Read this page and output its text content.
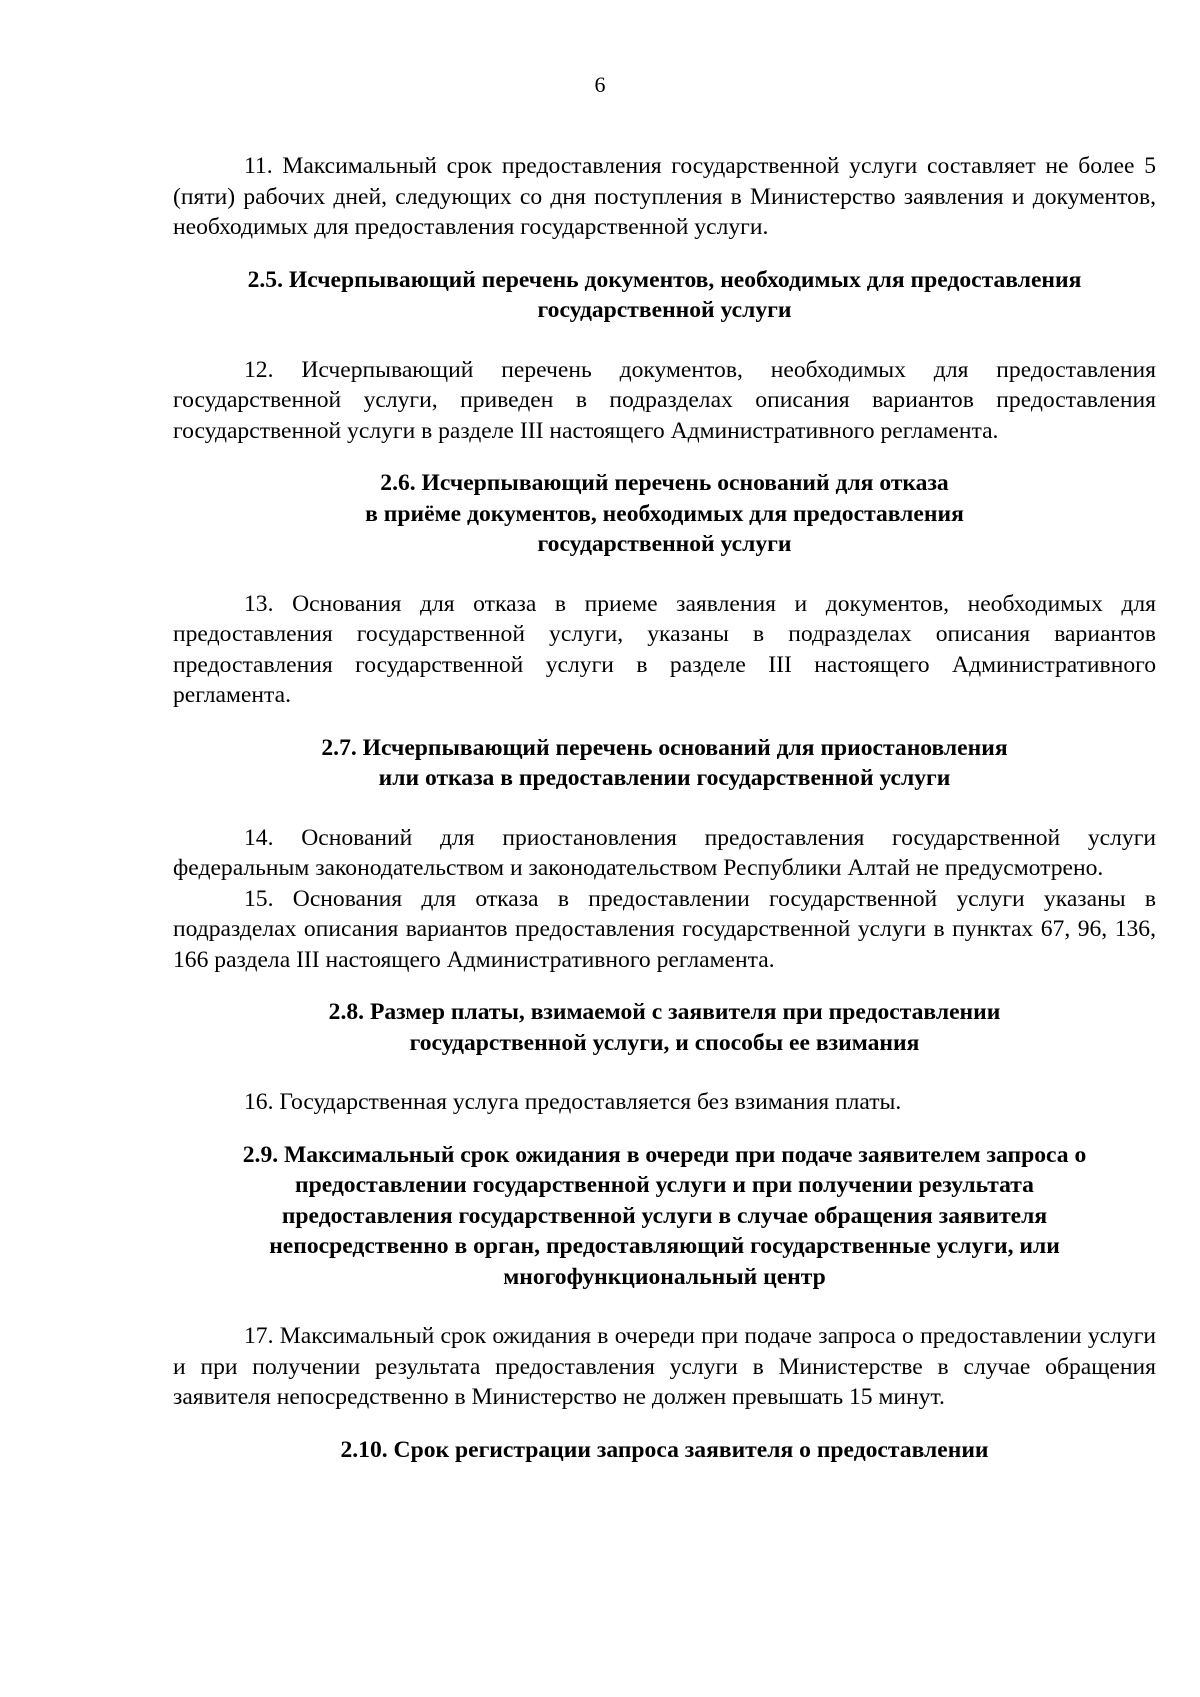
6

11. Максимальный срок предоставления государственной услуги составляет не более 5 (пяти) рабочих дней, следующих со дня поступления в Министерство заявления и документов, необходимых для предоставления государственной услуги.

2.5. Исчерпывающий перечень документов, необходимых для предоставления
государственной услуги

12. Исчерпывающий перечень документов, необходимых для предоставления государственной услуги, приведен в подразделах описания вариантов предоставления государственной услуги в разделе III настоящего Административного регламента.

2.6. Исчерпывающий перечень оснований для отказа
в приёме документов, необходимых для предоставления
государственной услуги

13. Основания для отказа в приеме заявления и документов, необходимых для предоставления государственной услуги, указаны в подразделах описания вариантов предоставления государственной услуги в разделе III настоящего Административного регламента.

2.7. Исчерпывающий перечень оснований для приостановления
или отказа в предоставлении государственной услуги

14. Оснований для приостановления предоставления государственной услуги федеральным законодательством и законодательством Республики Алтай не предусмотрено.

15. Основания для отказа в предоставлении государственной услуги указаны в подразделах описания вариантов предоставления государственной услуги в пунктах 67, 96, 136, 166 раздела III настоящего Административного регламента.

2.8. Размер платы, взимаемой с заявителя при предоставлении
государственной услуги, и способы ее взимания

16. Государственная услуга предоставляется без взимания платы.

2.9. Максимальный срок ожидания в очереди при подаче заявителем запроса о
предоставлении государственной услуги и при получении результата
предоставления государственной услуги в случае обращения заявителя
непосредственно в орган, предоставляющий государственные услуги, или
многофункциональный центр

17. Максимальный срок ожидания в очереди при подаче запроса о предоставлении услуги и при получении результата предоставления услуги в Министерстве в случае обращения заявителя непосредственно в Министерство не должен превышать 15 минут.

2.10. Срок регистрации запроса заявителя о предоставлении
